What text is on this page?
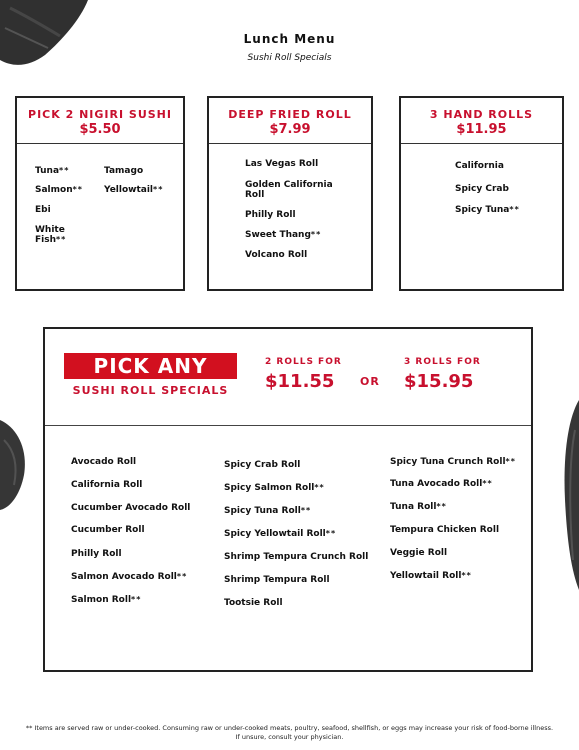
Lunch Menu
Sushi Roll Specials
PICK 2 NIGIRI SUSHI
$5.50
Tuna**	Tamago
Salmon** Yellowtail**
Ebi
White
Fish**
DEEP FRIED ROLL
$7.99
Las Vegas Roll
Golden California
Roll
Philly Roll
Sweet Thang**
Volcano Roll
3 HAND ROLLS
$11.95
California
Spicy Crab
Spicy Tuna**
PICK ANY
SUSHI ROLL SPECIALS
2 ROLLS FOR
$11.55 OR
3 ROLLS FOR
$15.95
Avocado Roll
California Roll
Cucumber Avocado Roll
Cucumber Roll
Philly Roll
Salmon Avocado Roll**
Salmon Roll**
Spicy Crab Roll
Spicy Salmon Roll**
Spicy Tuna Roll**
Spicy Yellowtail Roll**
Shrimp Tempura Crunch Roll
Shrimp Tempura Roll
Tootsie Roll
Spicy Tuna Crunch Roll**
Tuna Avocado Roll**
Tuna Roll**
Tempura Chicken Roll
Veggie Roll
Yellowtail Roll**
** Items are served raw or under-cooked. Consuming raw or under-cooked meats, poultry, seafood, shellfish, or eggs may increase your risk of food-borne illness.
If unsure, consult your physician.
